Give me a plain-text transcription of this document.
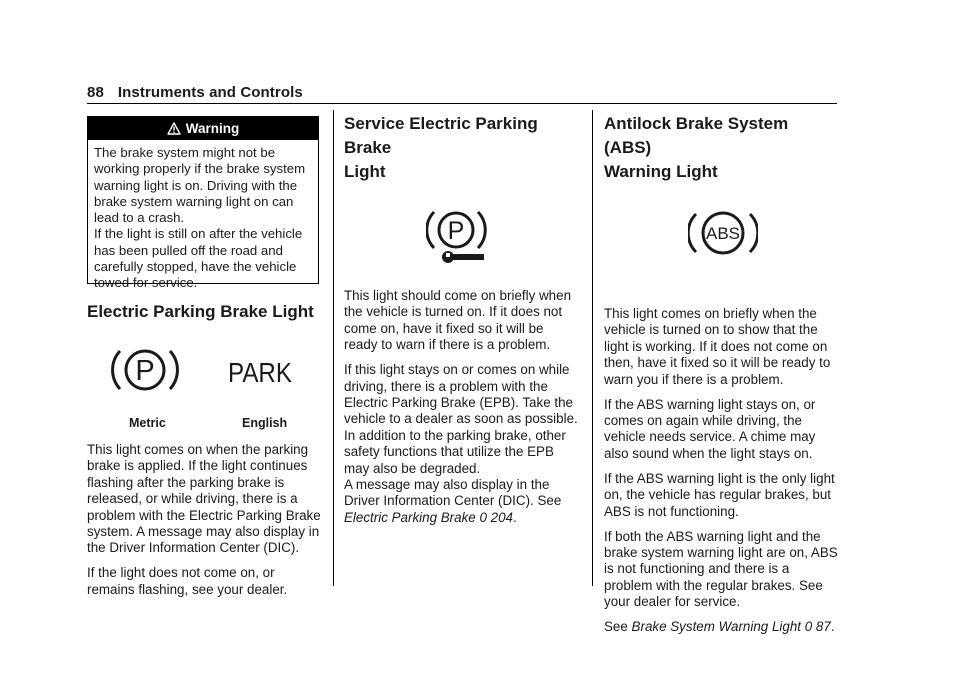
88 Instruments and Controls
Warning

The brake system might not be working properly if the brake system warning light is on. Driving with the brake system warning light on can lead to a crash.

If the light is still on after the vehicle has been pulled off the road and carefully stopped, have the vehicle towed for service.

Electric Parking Brake Light
P	PARK
Metric	English

This light comes on when the parking brake is applied. If the light continues flashing after the parking brake is released, or while driving, there is a problem with the Electric Parking Brake system. A message may also display in the Driver Information Center (DIC).

If the light does not come on, or remains flashing, see your dealer.

Service Electric Parking Brake
Light
P

This light should come on briefly when the vehicle is turned on. If it does not come on, have it fixed so it will be ready to warn if there is a problem.

If this light stays on or comes on while driving, there is a problem with the Electric Parking Brake (EPB). Take the vehicle to a dealer as soon as possible. In addition to the parking brake, other safety functions that utilize the EPB may also be degraded.

A message may also display in the Driver Information Center (DIC). See Electric Parking Brake 0 204.

Antilock Brake System (ABS)
Warning Light
ABS

This light comes on briefly when the vehicle is turned on to show that the light is working. If it does not come on then, have it fixed so it will be ready to warn you if there is a problem.

If the ABS warning light stays on, or comes on again while driving, the vehicle needs service. A chime may also sound when the light stays on.

If the ABS warning light is the only light on, the vehicle has regular brakes, but ABS is not functioning.

If both the ABS warning light and the brake system warning light are on, ABS is not functioning and there is a problem with the regular brakes. See your dealer for service.

See Brake System Warning Light 0 87.
